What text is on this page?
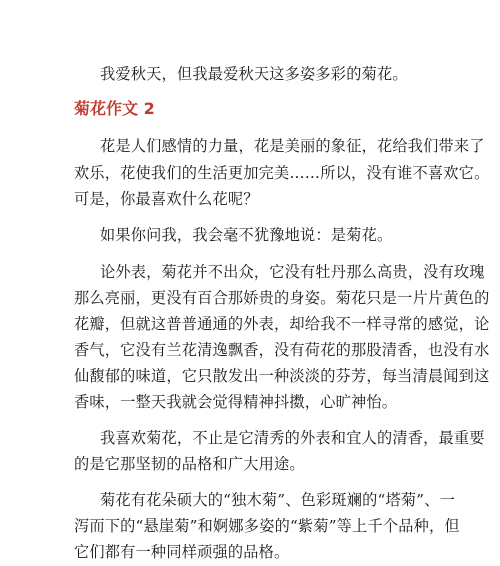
我爱秋天，但我最爱秋天这多姿多彩的菊花。
菊花作文 2
花是人们感情的力量，花是美丽的象征，花给我们带来了
欢乐，花使我们的生活更加完美……所以，没有谁不喜欢它。
可是，你最喜欢什么花呢？
如果你问我，我会毫不犹豫地说：是菊花。
论外表，菊花并不出众，它没有牡丹那么高贵，没有玫瑰
那么亮丽，更没有百合那娇贵的身姿。菊花只是一片片黄色的
花瓣，但就这普普通通的外表，却给我不一样寻常的感觉，论
香气，它没有兰花清逸飘香，没有荷花的那股清香，也没有水
仙馥郁的味道，它只散发出一种淡淡的芬芳，每当清晨闻到这
香味，一整天我就会觉得精神抖擞，心旷神怡。
我喜欢菊花，不止是它清秀的外表和宜人的清香，最重要
的是它那坚韧的品格和广大用途。
菊花有花朵硕大的“独木菊”、色彩斑斓的“塔菊”、一
泻而下的“悬崖菊”和婀娜多姿的“紫菊”等上千个品种，但
它们都有一种同样顽强的品格。
